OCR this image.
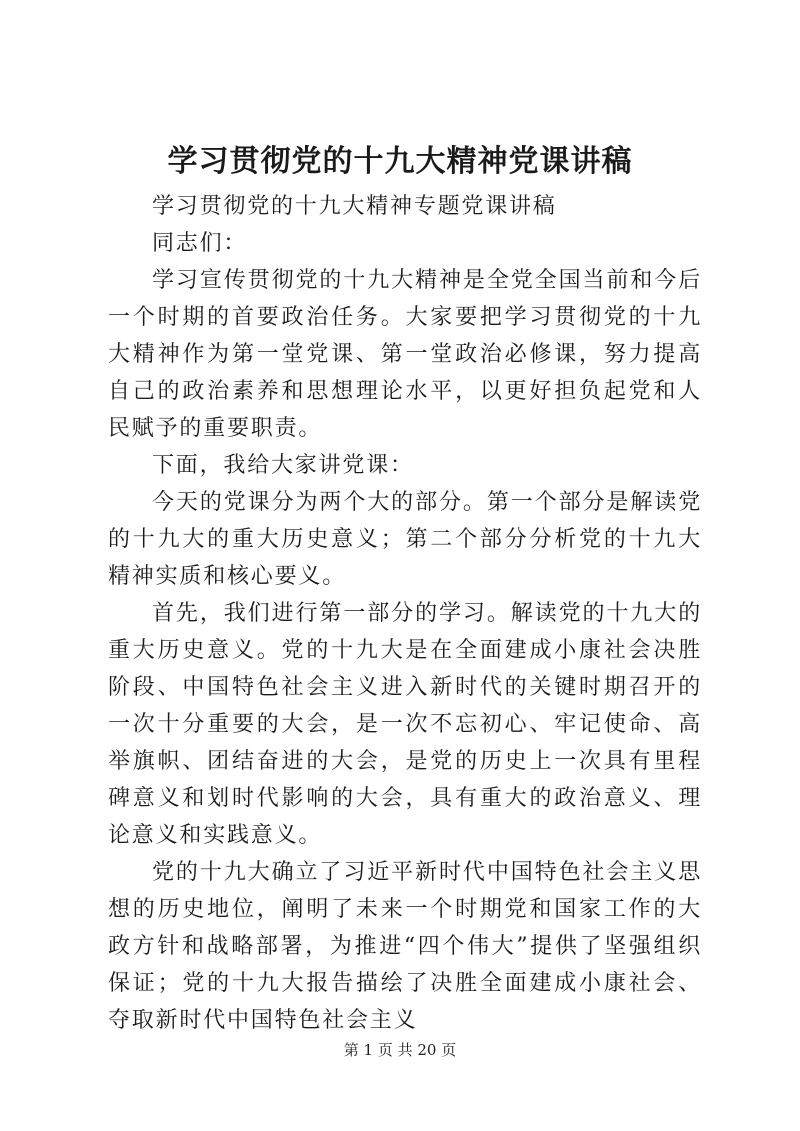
学习贯彻党的十九大精神党课讲稿

学习贯彻党的十九大精神专题党课讲稿

同志们：

学习宣传贯彻党的十九大精神是全党全国当前和今后一个时期的首要政治任务。大家要把学习贯彻党的十九大精神作为第一堂党课、第一堂政治必修课，努力提高自己的政治素养和思想理论水平，以更好担负起党和人民赋予的重要职责。

下面，我给大家讲党课：

今天的党课分为两个大的部分。第一个部分是解读党的十九大的重大历史意义；第二个部分分析党的十九大精神实质和核心要义。

首先，我们进行第一部分的学习。解读党的十九大的重大历史意义。党的十九大是在全面建成小康社会决胜阶段、中国特色社会主义进入新时代的关键时期召开的一次十分重要的大会，是一次不忘初心、牢记使命、高举旗帜、团结奋进的大会，是党的历史上一次具有里程碑意义和划时代影响的大会，具有重大的政治意义、理论意义和实践意义。

党的十九大确立了习近平新时代中国特色社会主义思想的历史地位，阐明了未来一个时期党和国家工作的大政方针和战略部署，为推进“四个伟大”提供了坚强组织保证；党的十九大报告描绘了决胜全面建成小康社会、夺取新时代中国特色社会主义

第 1 页 共 20 页
